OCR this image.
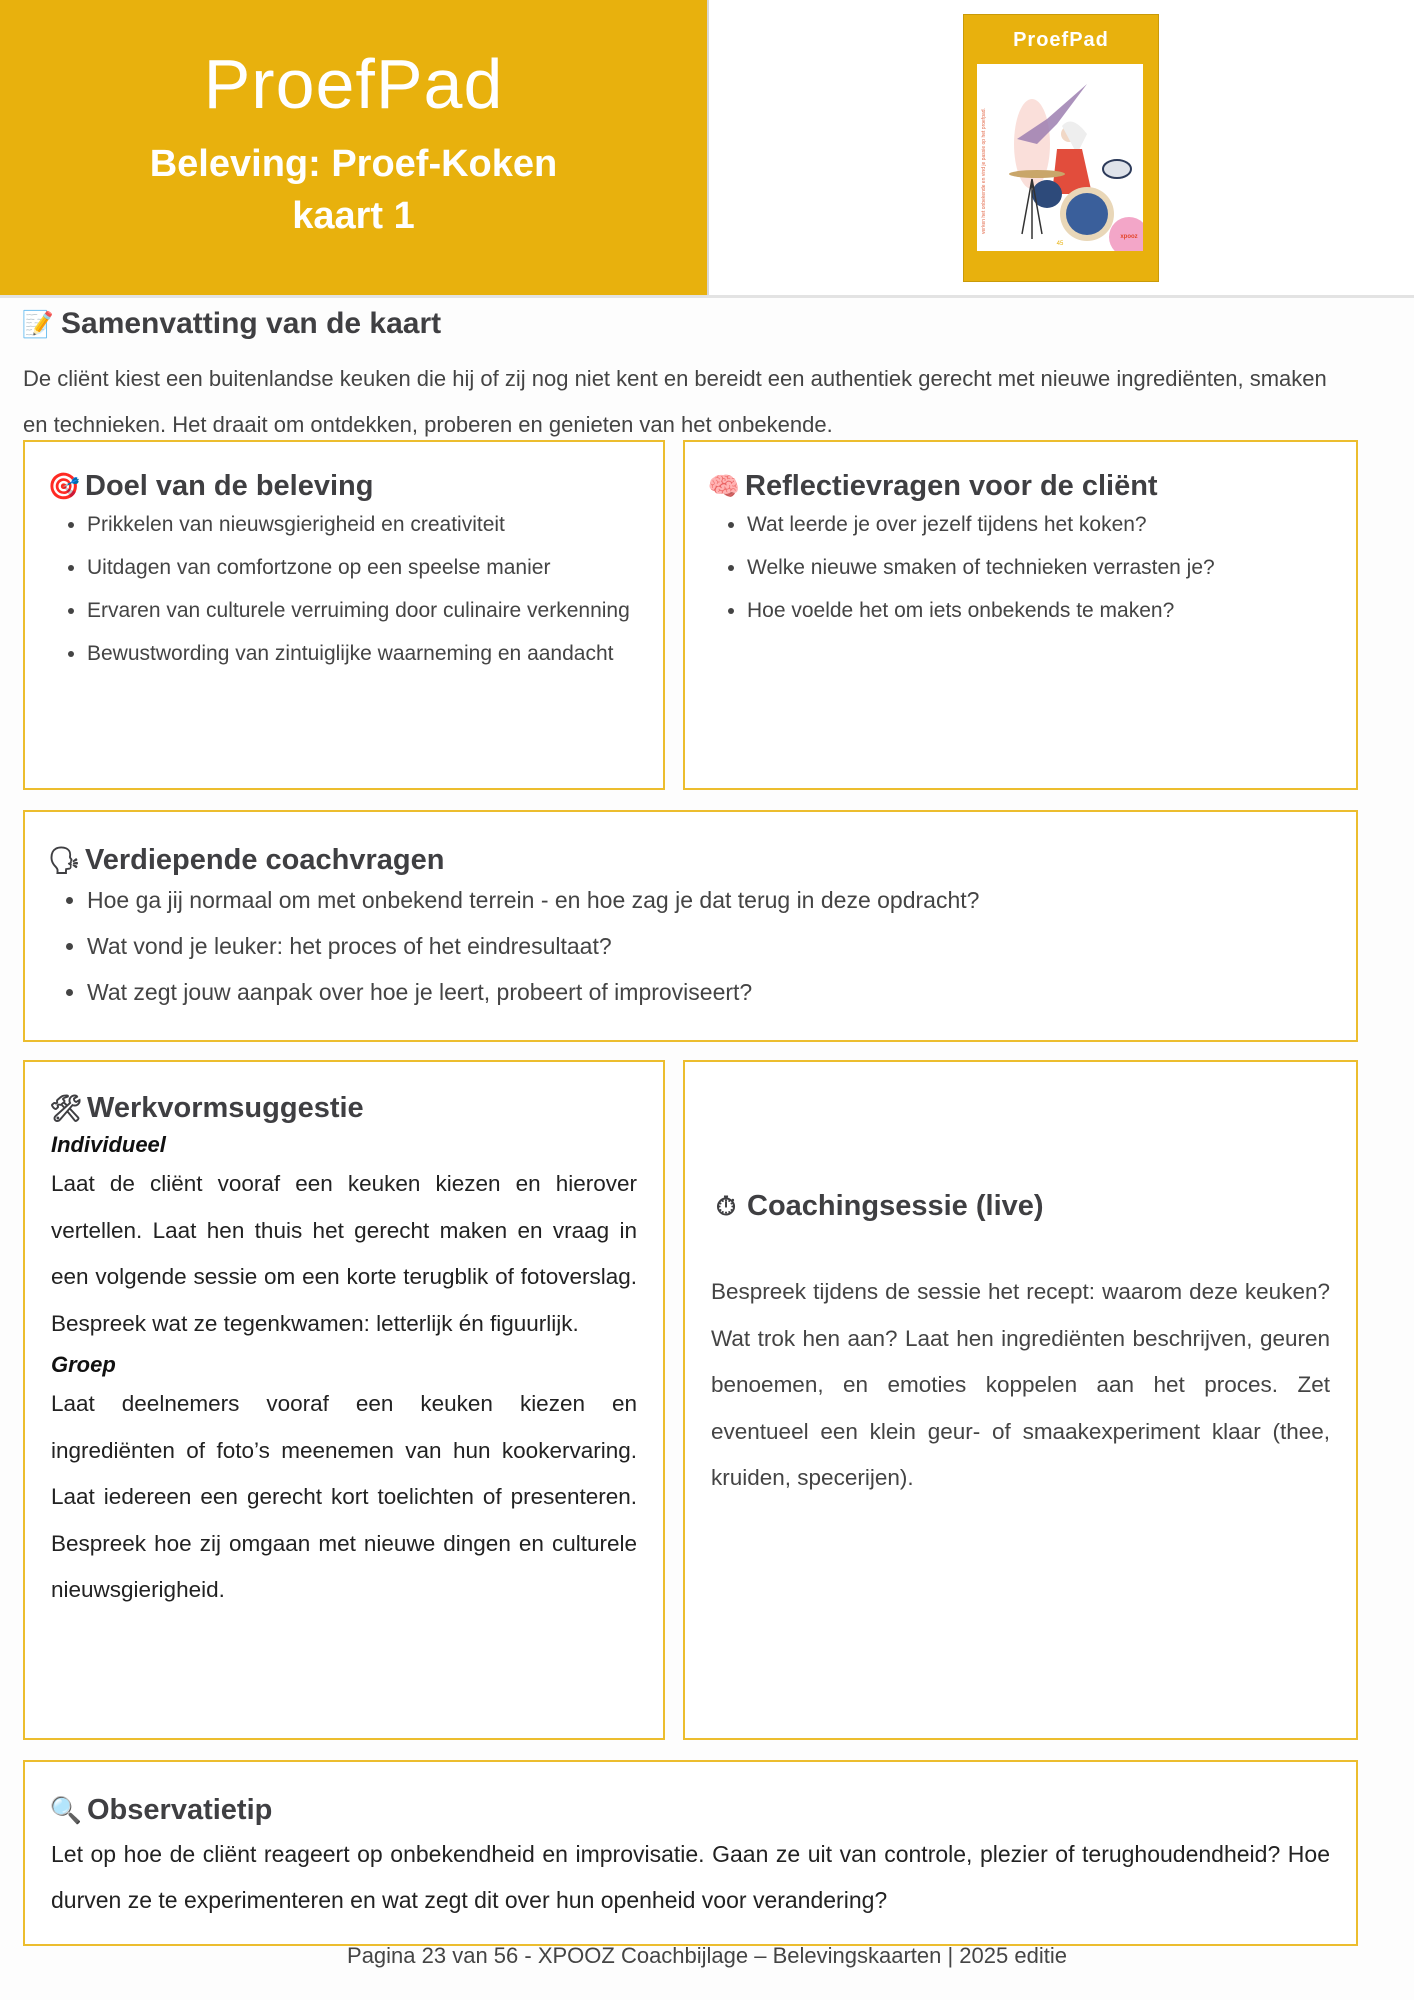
ProefPad
Beleving: Proef-Koken
kaart 1
ProefPad
verken het onbekende en vind je passie op het proefpad.
45
xpooz
📝 Samenvatting van de kaart
De cliënt kiest een buitenlandse keuken die hij of zij nog niet kent en bereidt een authentiek gerecht met nieuwe ingrediënten, smaken en technieken. Het draait om ontdekken, proberen en genieten van het onbekende.
🎯 Doel van de beleving
• Prikkelen van nieuwsgierigheid en creativiteit
• Uitdagen van comfortzone op een speelse manier
• Ervaren van culturele verruiming door culinaire verkenning
• Bewustwording van zintuiglijke waarneming en aandacht
🧠 Reflectievragen voor de cliënt
• Wat leerde je over jezelf tijdens het koken?
• Welke nieuwe smaken of technieken verrasten je?
• Hoe voelde het om iets onbekends te maken?
🗣 Verdiepende coachvragen
• Hoe ga jij normaal om met onbekend terrein - en hoe zag je dat terug in deze opdracht?
• Wat vond je leuker: het proces of het eindresultaat?
• Wat zegt jouw aanpak over hoe je leert, probeert of improviseert?
🛠 Werkvormsuggestie
Individueel

Laat de cliënt vooraf een keuken kiezen en hierover vertellen. Laat hen thuis het gerecht maken en vraag in een volgende sessie om een korte terugblik of fotoverslag. Bespreek wat ze tegenkwamen: letterlijk én figuurlijk.

Groep

Laat deelnemers vooraf een keuken kiezen en ingrediënten of foto’s meenemen van hun kookervaring. Laat iedereen een gerecht kort toelichten of presenteren. Bespreek hoe zij omgaan met nieuwe dingen en culturele nieuwsgierigheid.

⏱ Coachingsessie (live)

Bespreek tijdens de sessie het recept: waarom deze keuken? Wat trok hen aan? Laat hen ingrediënten beschrijven, geuren benoemen, en emoties koppelen aan het proces. Zet eventueel een klein geur- of smaakexperiment klaar (thee, kruiden, specerijen).

🔍 Observatietip

Let op hoe de cliënt reageert op onbekendheid en improvisatie. Gaan ze uit van controle, plezier of terughoudendheid? Hoe durven ze te experimenteren en wat zegt dit over hun openheid voor verandering?

Pagina 23 van 56 - XPOOZ Coachbijlage – Belevingskaarten | 2025 editie
